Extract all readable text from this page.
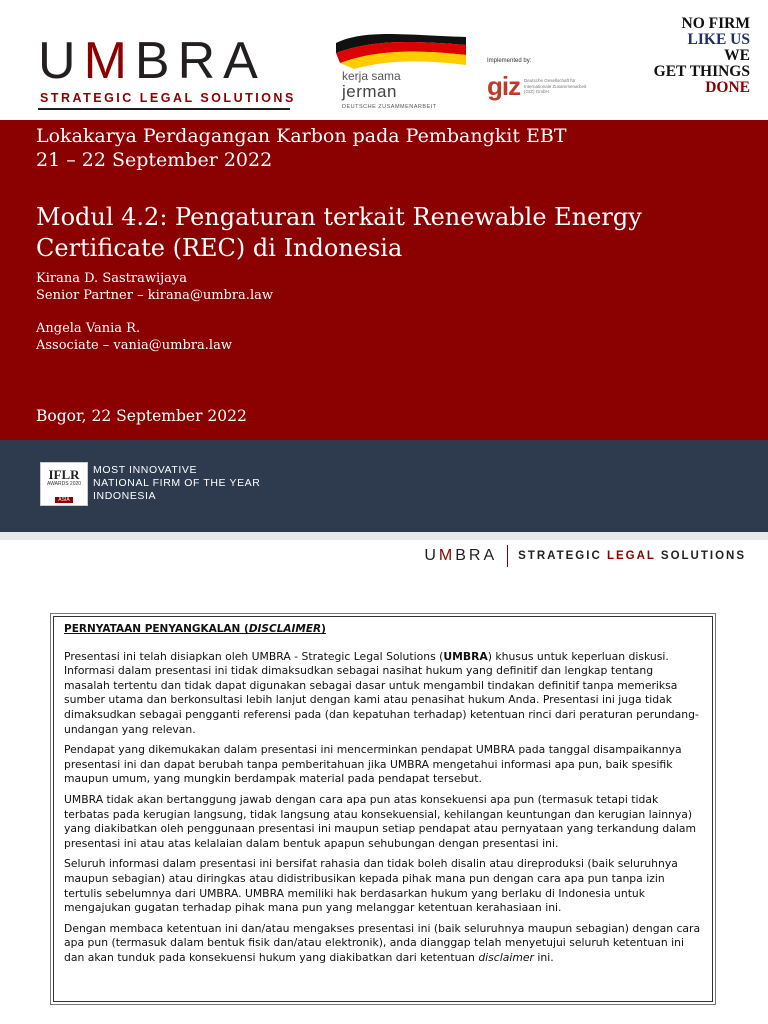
UMBRA
STRATEGIC LEGAL SOLUTIONS
kerja sama
jerman
DEUTSCHE ZUSAMMENARBEIT
Implemented by:
giz Deutsche Gesellschaft für Internationale Zusammenarbeit (GIZ) GmbH
NO FIRM
LIKE US
WE
GET THINGS
DONE
Lokakarya Perdagangan Karbon pada Pembangkit EBT
21 – 22 September 2022
Modul 4.2: Pengaturan terkait Renewable Energy Certificate (REC) di Indonesia
Kirana D. Sastrawijaya
Senior Partner – kirana@umbra.law
Angela Vania R.
Associate – vania@umbra.law
Bogor, 22 September 2022
IFLR
AWARDS 2020
ASIA
MOST INNOVATIVE
NATIONAL FIRM OF THE YEAR
INDONESIA
UMBRA STRATEGIC LEGAL SOLUTIONS
PERNYATAAN PENYANGKALAN (DISCLAIMER)

Presentasi ini telah disiapkan oleh UMBRA - Strategic Legal Solutions (UMBRA) khusus untuk keperluan diskusi. Informasi dalam presentasi ini tidak dimaksudkan sebagai nasihat hukum yang definitif dan lengkap tentang masalah tertentu dan tidak dapat digunakan sebagai dasar untuk mengambil tindakan definitif tanpa memeriksa sumber utama dan berkonsultasi lebih lanjut dengan kami atau penasihat hukum Anda. Presentasi ini juga tidak dimaksudkan sebagai pengganti referensi pada (dan kepatuhan terhadap) ketentuan rinci dari peraturan perundang-undangan yang relevan.

Pendapat yang dikemukakan dalam presentasi ini mencerminkan pendapat UMBRA pada tanggal disampaikannya presentasi ini dan dapat berubah tanpa pemberitahuan jika UMBRA mengetahui informasi apa pun, baik spesifik maupun umum, yang mungkin berdampak material pada pendapat tersebut.

UMBRA tidak akan bertanggung jawab dengan cara apa pun atas konsekuensi apa pun (termasuk tetapi tidak terbatas pada kerugian langsung, tidak langsung atau konsekuensial, kehilangan keuntungan dan kerugian lainnya) yang diakibatkan oleh penggunaan presentasi ini maupun setiap pendapat atau pernyataan yang terkandung dalam presentasi ini atau atas kelalaian dalam bentuk apapun sehubungan dengan presentasi ini.

Seluruh informasi dalam presentasi ini bersifat rahasia dan tidak boleh disalin atau direproduksi (baik seluruhnya maupun sebagian) atau diringkas atau didistribusikan kepada pihak mana pun dengan cara apa pun tanpa izin tertulis sebelumnya dari UMBRA. UMBRA memiliki hak berdasarkan hukum yang berlaku di Indonesia untuk mengajukan gugatan terhadap pihak mana pun yang melanggar ketentuan kerahasiaan ini.

Dengan membaca ketentuan ini dan/atau mengakses presentasi ini (baik seluruhnya maupun sebagian) dengan cara apa pun (termasuk dalam bentuk fisik dan/atau elektronik), anda dianggap telah menyetujui seluruh ketentuan ini dan akan tunduk pada konsekuensi hukum yang diakibatkan dari ketentuan disclaimer ini.
